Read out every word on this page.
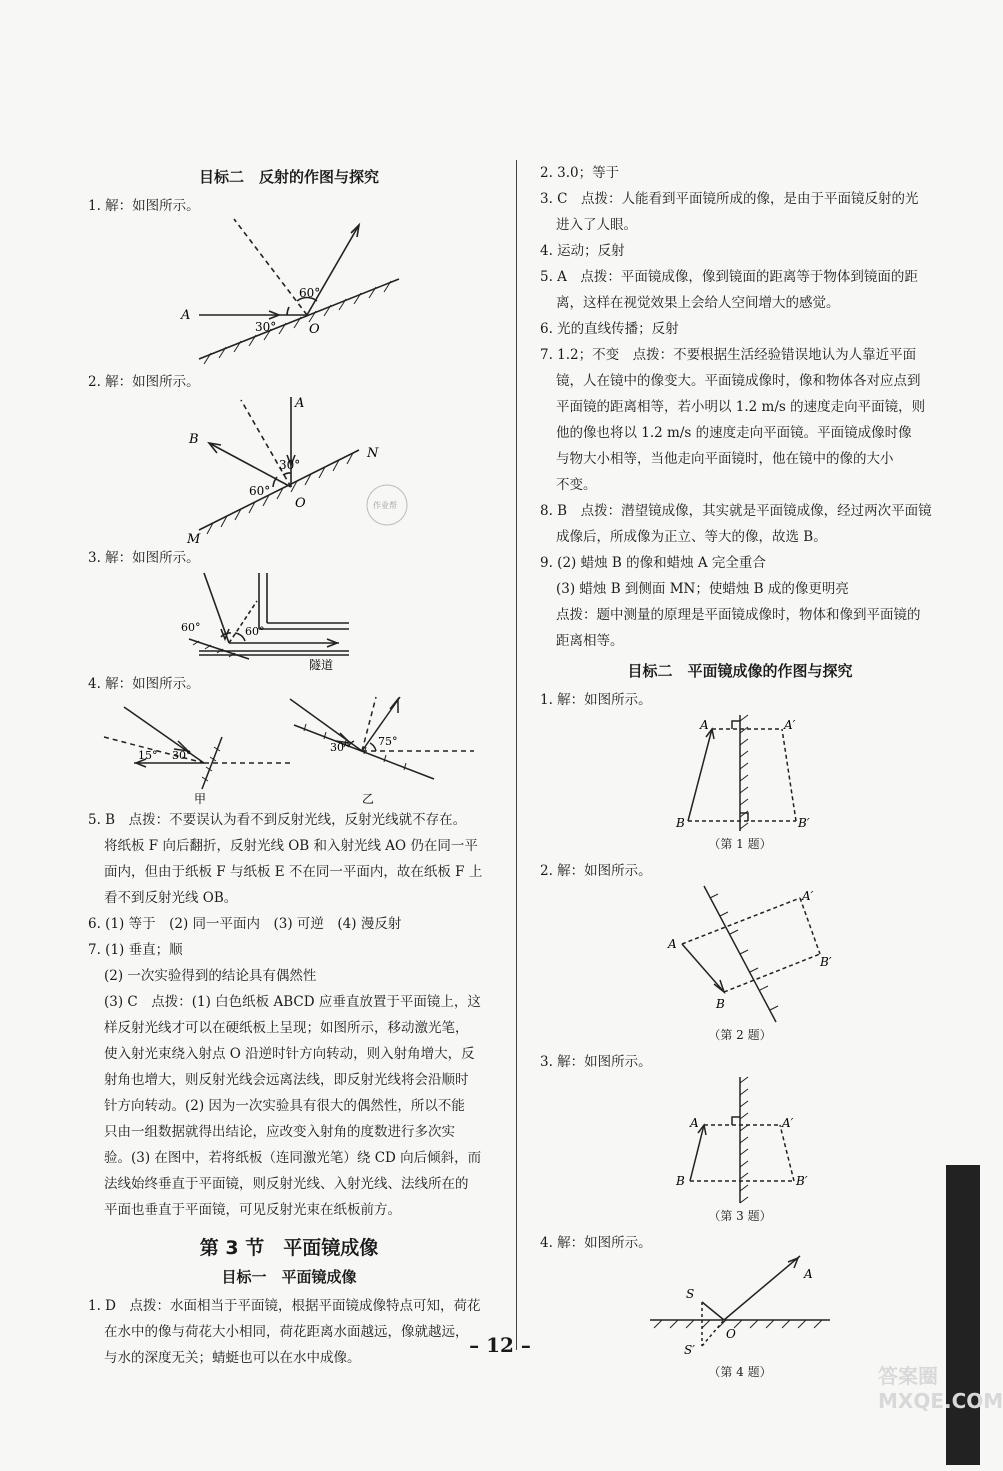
目标二　反射的作图与探究

1. 解：如图所示。

A
30°
60°
O

2. 解：如图所示。

A
B
N
M
O
30°
60°
作业帮

3. 解：如图所示。

60°	60°
隧道

4. 解：如图所示。

15° 30°
30°	75°
甲	乙

5. B　点拨：不要误认为看不到反射光线，反射光线就不存在。

将纸板 F 向后翻折，反射光线 OB 和入射光线 AO 仍在同一平

面内，但由于纸板 F 与纸板 E 不在同一平面内，故在纸板 F 上

看不到反射光线 OB。

6. (1) 等于　(2) 同一平面内　(3) 可逆　(4) 漫反射

7. (1) 垂直；顺

(2) 一次实验得到的结论具有偶然性

(3) C　点拨：(1) 白色纸板 ABCD 应垂直放置于平面镜上，这

样反射光线才可以在硬纸板上呈现；如图所示，移动激光笔，

使入射光束绕入射点 O 沿逆时针方向转动，则入射角增大，反

射角也增大，则反射光线会远离法线，即反射光线将会沿顺时

针方向转动。(2) 因为一次实验具有很大的偶然性，所以不能

只由一组数据就得出结论，应改变入射角的度数进行多次实

验。(3) 在图中，若将纸板（连同激光笔）绕 CD 向后倾斜，而

法线始终垂直于平面镜，则反射光线、入射光线、法线所在的

平面也垂直于平面镜，可见反射光束在纸板前方。

第 3 节　平面镜成像
目标一　平面镜成像

1. D　点拨：水面相当于平面镜，根据平面镜成像特点可知，荷花

在水中的像与荷花大小相同，荷花距离水面越远，像就越远，

与水的深度无关；蜻蜓也可以在水中成像。

2. 3.0；等于

3. C　点拨：人能看到平面镜所成的像，是由于平面镜反射的光

进入了人眼。

4. 运动；反射

5. A　点拨：平面镜成像，像到镜面的距离等于物体到镜面的距

离，这样在视觉效果上会给人空间增大的感觉。

6. 光的直线传播；反射

7. 1.2；不变　点拨：不要根据生活经验错误地认为人靠近平面

镜，人在镜中的像变大。平面镜成像时，像和物体各对应点到

平面镜的距离相等，若小明以 1.2 m/s 的速度走向平面镜，则

他的像也将以 1.2 m/s 的速度走向平面镜。平面镜成像时像

与物大小相等，当他走向平面镜时，他在镜中的像的大小

不变。

8. B　点拨：潜望镜成像，其实就是平面镜成像，经过两次平面镜

成像后，所成像为正立、等大的像，故选 B。

9. (2) 蜡烛 B 的像和蜡烛 A 完全重合

(3) 蜡烛 B 到侧面 MN；使蜡烛 B 成的像更明亮

点拨：题中测量的原理是平面镜成像时，物体和像到平面镜的

距离相等。

目标二　平面镜成像的作图与探究

1. 解：如图所示。

A	A′
B	B′
（第 1 题）

2. 解：如图所示。

A
A′
B
B′
（第 2 题）

3. 解：如图所示。

A	A′
B	B′
（第 3 题）

4. 解：如图所示。

S
S′
O
A
（第 4 题）
– 12 –
答案圈 MXQE.COM
